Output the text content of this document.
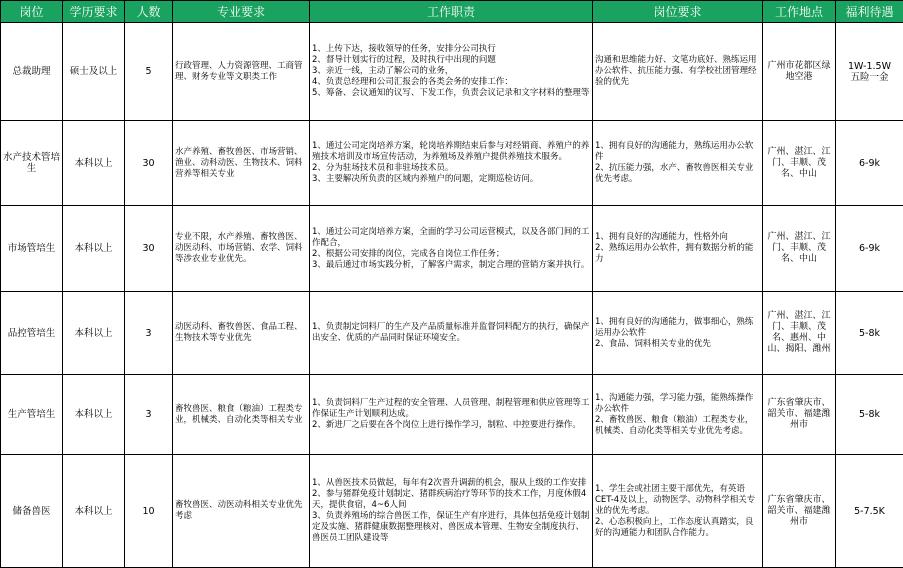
岗位	学历要求	人数	专业要求	工作职责	岗位要求	工作地点	福利待遇

总裁助理	硕士及以上	5	行政管理、人力资源管理、工商管理、财务专业等文职类工作	1、上传下达，接收领导的任务，安排分公司执行
2、督导计划实行的过程，及时执行中出现的问题
3、亲近一线，主动了解公司的业务，
4、负责总经理和公司汇报会的各类会务的安排工作：
5、筹备、会议通知的议写、下发工作，负责会议记录和文字材料的整理等	沟通和思维能力好、文笔功底好、熟练运用办公软件、抗压能力强、有学校社团管理经验的优先	广州市花都区绿地空港	1W-1.5W
五险一金

水产技术管培生	本科以上	30	水产养殖、畜牧兽医、市场营销、渔业、动科动医、生物技术、饲料营养等相关专业	1、通过公司定岗培养方案，轮岗培养期结束后参与对经销商、养殖户的养殖技术培训及市场宣传活动，为养殖场及养殖户提供养殖技术服务。
2、分为驻场技术员和非驻场技术员。
3、主要解决所负责的区域内养殖户的问题，定期巡检访问。	1、拥有良好的沟通能力，熟练运用办公软件
2、抗压能力强，水产、畜牧兽医相关专业优先考虑。	广州、湛江、江门、丰顺、茂名、中山	6-9k

市场管培生	本科以上	30	专业不限，水产养殖、畜牧兽医、动医动科、市场营销、农学、饲料等涉农业专业优先。	1、通过公司定岗培养方案，全面的学习公司运营模式，以及各部门间的工作配合，
2、根据公司安排的岗位，完成各自岗位工作任务；
3、最后通过市场实践分析，了解客户需求，制定合理的营销方案并执行。	1、拥有良好的沟通能力，性格外向
2、熟练运用办公软件，拥有数据分析的能力	广州、湛江、江门、丰顺、茂名、中山	6-9k

品控管培生	本科以上	3	动医动科、畜牧兽医、食品工程、生物技术等专业优先	1、负责制定饲料厂的生产及产品质量标准并监督饲料配方的执行，确保产出安全、优质的产品同时保证环境安全。	1、拥有良好的沟通能力，做事细心，熟练运用办公软件
2、食品、饲料相关专业的优先	广州、湛江、江门、丰顺、茂名、惠州、中山、揭阳、潍州	5-8k

生产管培生	本科以上	3	畜牧兽医、粮食（粮油）工程类专业，机械类、自动化类等相关专业	1、负责饲料厂生产过程的安全管理、人员管理、制程管理和供应管理等工作保证生产计划顺利达成。
2、新进厂之后要在各个岗位上进行操作学习，制粒、中控要进行操作。	1、沟通能力强，学习能力强，能熟练操作办公软件
2、畜牧兽医、粮食（粮油）工程类专业，机械类、自动化类等相关专业优先考虑。	广东省肇庆市、韶关市、福建潍州市	5-8k

储备兽医	本科以上	10	畜牧兽医、动医动科相关专业优先考虑	1、从兽医技术员做起，每年有2次晋升调薪的机会，服从上级的工作安排
2、参与猪群免疫计划制定、猪群疾病治疗等环节的技术工作，月度休假4天，提供食宿，4~6人间
3、负责养殖场的综合兽医工作，保证生产有序进行，具体包括免疫计划制定及实施、猪群健康数据整理核对、兽医成本管理、生物安全制度执行、兽医员工团队建设等	1、学生会或社团主要干部优先，有英语CET-4及以上，动物医学、动物科学相关专业的优先考虑。
2、心态积极向上，工作态度认真踏实，良好的沟通能力和团队合作能力。	广东省肇庆市、韶关市、福建潍州市	5-7.5K
